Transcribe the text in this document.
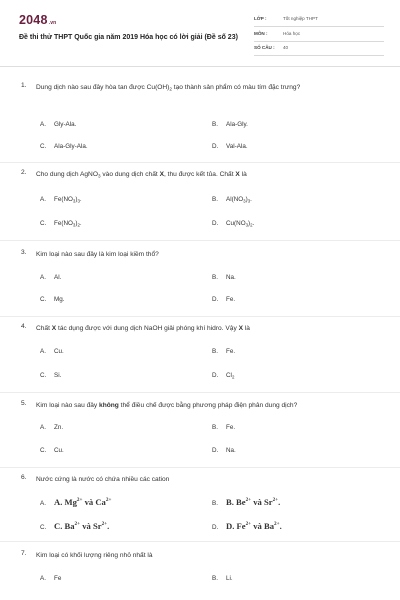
2048.vn
Đề thi thử THPT Quốc gia năm 2019 Hóa học có lời giải (Đề số 23)
LỚP :	Tốt nghiệp THPT
MÔN :	Hóa học
SỐ CÂU : 40
1. Dung dịch nào sau đây hòa tan được $Cu(OH)_2$ tạo thành sản phẩm có màu tím đặc trưng?
A. Gly-Ala.	B. Ala-Gly.
C. Ala-Gly-Ala.	D. Val-Ala.
2. Cho dung dịch AgNO$_3$ vào dung dịch chất X, thu được kết tủa. Chất X là
A. $Fe(NO_3)_3$.	B. $Al(NO_3)_3$.
C. $Fe(NO_3)_2$.	D. $Cu(NO_3)_2$.
3. Kim loại nào sau đây là kim loại kiềm thổ?
A. Al.	B. Na.
C. Mg.	D. Fe.
4. Chất X tác dụng được với dung dịch NaOH giải phóng khí hidro. Vậy X là
A. Cu.	B. Fe.
C. Si.	D. $Cl_2$
5. Kim loại nào sau đây không thể điều chế được bằng phương pháp điện phân dung dịch?
A. Zn.	B. Fe.
C. Cu.	D. Na.
6. Nước cứng là nước có chứa nhiều các cation
A. A. $Mg^{2+}$ và $Ca^{2+}$	B. B. $Be^{2+}$ và $Sr^{2+}$.
C. C. $Ba^{2+}$ và $Sr^{2+}$.	D. D. $Fe^{2+}$ và $Ba^{2+}$.
7. Kim loại có khối lượng riêng nhỏ nhất là
A. Fe	B. Li.
